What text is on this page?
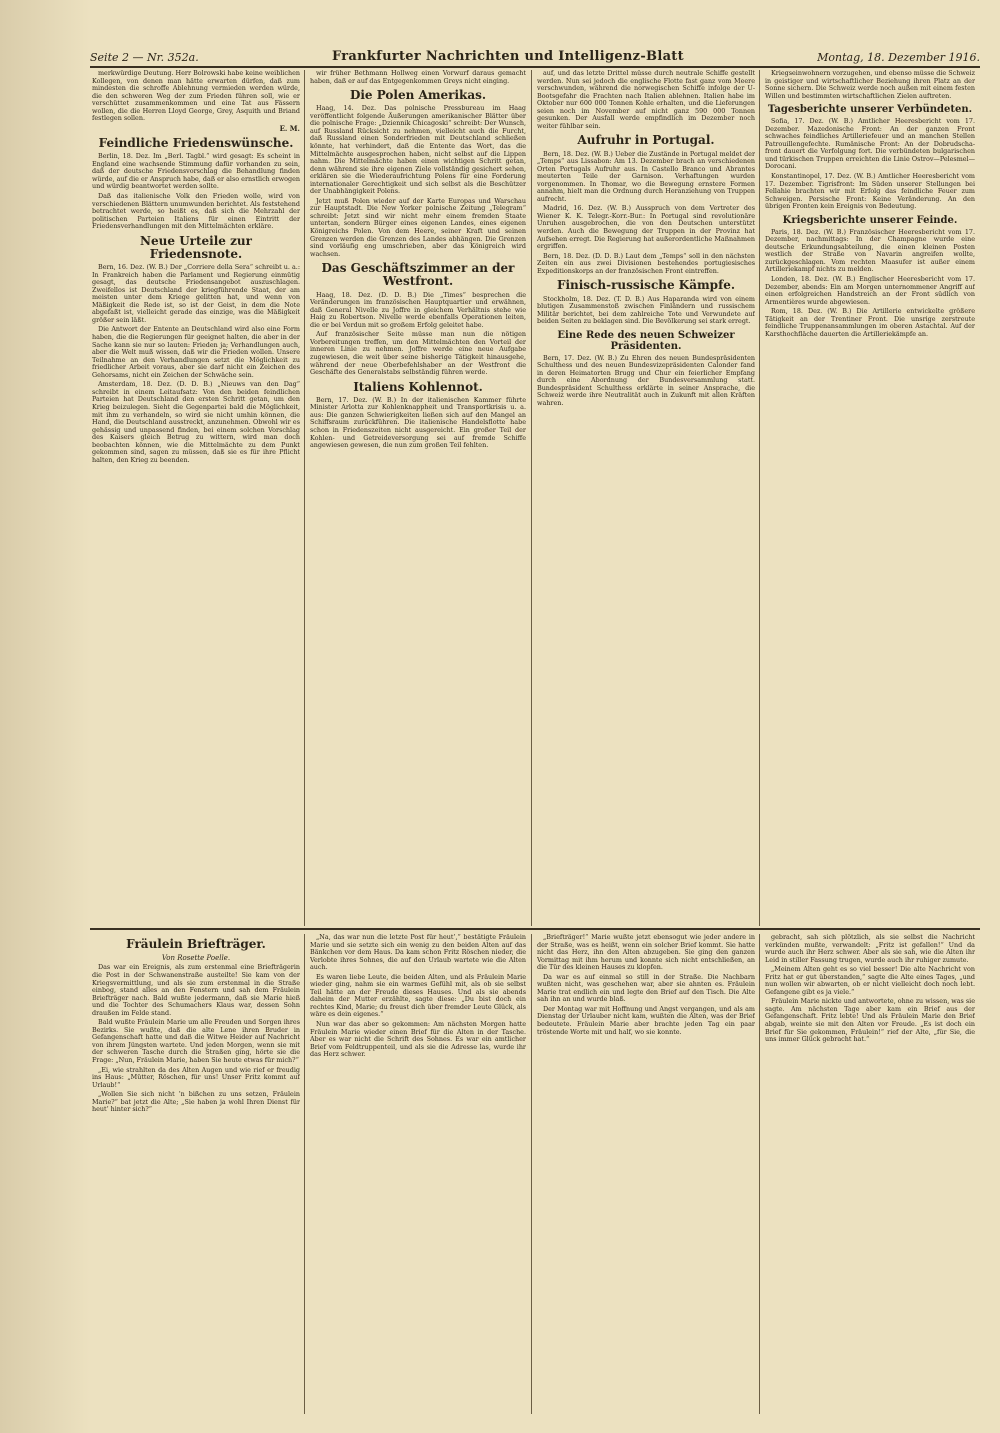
Seite 2 — Nr. 352a.	Frankfurter Nachrichten und Intelligenz-Blatt	Montag, 18. Dezember 1916.

merkwürdige Deutung. Herr Bolrowski habe keine weiblichen Kollegen, von denen man hätte erwarten dürfen, daß zum mindesten die schroffe Ablehnung vermieden werden würde, die den schweren Weg der zum Frieden führen soll, wie er verschüttet zusammenkommen und eine Tat aus Fässern wollen, die die Herren Lloyd George, Grey, Asquith und Briand festlegen sollen.

E. M.
Feindliche Friedenswünsche.

Berlin, 18. Dez. Im „Berl. Tagbl.“ wird gesagt: Es scheint in England eine wachsende Stimmung dafür vorhanden zu sein, daß der deutsche Friedensvorschlag die Behandlung finden würde, auf die er Anspruch habe, daß er also ernstlich erwogen und würdig beantwortet werden sollte.

Daß das italienische Volk den Frieden wolle, wird von verschiedenen Blättern unumwunden berichtet. Als feststehend betrachtet werde, so heißt es, daß sich die Mehrzahl der politischen Parteien Italiens für einen Eintritt der Friedensverhandlungen mit den Mittelmächten erkläre.

Neue Urteile zur Friedensnote.

Bern, 16. Dez. (W. B.) Der „Corriere della Sera“ schreibt u. a.: In Frankreich haben die Parlament und Regierung einmütig gesagt, das deutsche Friedensangebot auszuschlagen. Zweifellos ist Deutschland der kriegführende Staat, der am meisten unter dem Kriege gelitten hat, und wenn von Mäßigkeit die Rede ist, so ist der Geist, in dem die Note abgefaßt ist, vielleicht gerade das einzige, was die Mäßigkeit größer sein läßt.

Die Antwort der Entente an Deutschland wird also eine Form haben, die die Regierungen für geeignet halten, die aber in der Sache kann sie nur so lauten: Frieden ja; Verhandlungen auch, aber die Welt muß wissen, daß wir die Frieden wollen. Unsere Teilnahme an den Verhandlungen setzt die Möglichkeit zu friedlicher Arbeit voraus, aber sie darf nicht ein Zeichen des Gehorsams, nicht ein Zeichen der Schwäche sein.

Amsterdam, 18. Dez. (D. D. B.) „Nieuws van den Dag“ schreibt in einem Leitaufsatz: Von den beiden feindlichen Parteien hat Deutschland den ersten Schritt getan, um den Krieg beizulegen. Sieht die Gegenpartei bald die Möglichkeit, mit ihm zu verhandeln, so wird sie nicht umhin können, die Hand, die Deutschland ausstreckt, anzunehmen. Obwohl wir es gehässig und unpassend finden, bei einem solchen Vorschlag des Kaisers gleich Betrug zu wittern, wird man doch beobachten können, wie die Mittelmächte zu dem Punkt gekommen sind, sagen zu müssen, daß sie es für ihre Pflicht halten, den Krieg zu beenden.

wir früher Bethmann Hollweg einen Vorwurf daraus gemacht haben, daß er auf das Entgegenkommen Greys nicht einging.

Die Polen Amerikas.

Haag, 14. Dez. Das polnische Pressbureau im Haag veröffentlicht folgende Äußerungen amerikanischer Blätter über die polnische Frage: „Dziennik Chicagoski“ schreibt: Der Wunsch, auf Russland Rücksicht zu nehmen, vielleicht auch die Furcht, daß Russland einen Sonderfrieden mit Deutschland schließen könnte, hat verhindert, daß die Entente das Wort, das die Mittelmächte ausgesprochen haben, nicht selbst auf die Lippen nahm. Die Mittelmächte haben einen wichtigen Schritt getan, denn während sie ihre eigenen Ziele vollständig gesichert sehen, erklären sie die Wiederaufrichtung Polens für eine Forderung internationaler Gerechtigkeit und sich selbst als die Beschützer der Unabhängigkeit Polens.

Jetzt muß Polen wieder auf der Karte Europas und Warschau zur Hauptstadt. Die New Yorker polnische Zeitung „Telegram“ schreibt: Jetzt sind wir nicht mehr einem fremden Staate untertan, sondern Bürger eines eigenen Landes, eines eigenen Königreichs Polen. Von dem Heere, seiner Kraft und seinen Grenzen werden die Grenzen des Landes abhängen. Die Grenzen sind vorläufig eng umschrieben, aber das Königreich wird wachsen.

Das Geschäftszimmer an der Westfront.

Haag, 18. Dez. (D. D. B.) Die „Times“ besprechen die Veränderungen im französischen Hauptquartier und erwähnen, daß General Nivelle zu Joffre in gleichem Verhältnis stehe wie Haig zu Robertson. Nivelle werde ebenfalls Operationen leiten, die er bei Verdun mit so großem Erfolg geleitet habe.

Auf französischer Seite müsse man nun die nötigen Vorbereitungen treffen, um den Mittelmächten den Vorteil der inneren Linie zu nehmen. Joffre werde eine neue Aufgabe zugewiesen, die weit über seine bisherige Tätigkeit hinausgehe, während der neue Oberbefehlshaber an der Westfront die Geschäfte des Generalstabs selbständig führen werde.

Italiens Kohlennot.

Bern, 17. Dez. (W. B.) In der italienischen Kammer führte Minister Arlotta zur Kohlenknappheit und Transportkrisis u. a. aus: Die ganzen Schwierigkeiten ließen sich auf den Mangel an Schiffsraum zurückführen. Die italienische Handelsflotte habe schon in Friedenszeiten nicht ausgereicht. Ein großer Teil der Kohlen- und Getreideversorgung sei auf fremde Schiffe angewiesen gewesen, die nun zum großen Teil fehlten.

auf, und das letzte Drittel müsse durch neutrale Schiffe gestellt werden. Nun sei jedoch die englische Flotte fast ganz vom Meere verschwunden, während die norwegischen Schiffe infolge der U-Bootsgefahr die Frachten nach Italien ablehnen. Italien habe im Oktober nur 600 000 Tonnen Kohle erhalten, und die Lieferungen seien noch im November auf nicht ganz 590 000 Tonnen gesunken. Der Ausfall werde empfindlich im Dezember noch weiter fühlbar sein.

Aufruhr in Portugal.

Bern, 18. Dez. (W. B.) Ueber die Zustände in Portugal meldet der „Temps“ aus Lissabon: Am 13. Dezember brach an verschiedenen Orten Portugals Aufruhr aus. In Castello Branco und Abrantes meuterten Teile der Garnison. Verhaftungen wurden vorgenommen. In Thomar, wo die Bewegung ernstere Formen annahm, hielt man die Ordnung durch Heranziehung von Truppen aufrecht.

Madrid, 16. Dez. (W. B.) Ausspruch von dem Vertreter des Wiener K. K. Telegr.-Korr.-Bur.: In Portugal sind revolutionäre Unruhen ausgebrochen, die von den Deutschen unterstützt werden. Auch die Bewegung der Truppen in der Provinz hat Aufsehen erregt. Die Regierung hat außerordentliche Maßnahmen ergriffen.

Bern, 18. Dez. (D. D. B.) Laut dem „Temps“ soll in den nächsten Zeiten ein aus zwei Divisionen bestehendes portugiesisches Expeditionskorps an der französischen Front eintreffen.

Finisch-russische Kämpfe.

Stockholm, 18. Dez. (T. D. B.) Aus Haparanda wird von einem blutigen Zusammenstoß zwischen Finländern und russischem Militär berichtet, bei dem zahlreiche Tote und Verwundete auf beiden Seiten zu beklagen sind. Die Bevölkerung sei stark erregt.

Eine Rede des neuen Schweizer Präsidenten.

Bern, 17. Dez. (W. B.) Zu Ehren des neuen Bundespräsidenten Schulthess und des neuen Bundesvizepräsidenten Calonder fand in deren Heimatorten Brugg und Chur ein feierlicher Empfang durch eine Abordnung der Bundesversammlung statt. Bundespräsident Schulthess erklärte in seiner Ansprache, die Schweiz werde ihre Neutralität auch in Zukunft mit allen Kräften wahren.

Kriegseinwohnern vorzugehen, und ebenso müsse die Schweiz in geistiger und wirtschaftlicher Beziehung ihren Platz an der Sonne sichern. Die Schweiz werde noch außen mit einem festen Willen und bestimmten wirtschaftlichen Zielen auftreten.

Tagesberichte unserer Verbündeten.

Sofia, 17. Dez. (W. B.) Amtlicher Heeresbericht vom 17. Dezember. Mazedonische Front: An der ganzen Front schwaches feindliches Artilleriefeuer und an manchen Stellen Patrouillengefechte. Rumänische Front: An der Dobrudscha-front dauert die Verfolgung fort. Die verbündeten bulgarischen und türkischen Truppen erreichten die Linie Ostrov—Pelesmel—Dorocani.

Konstantinopel, 17. Dez. (W. B.) Amtlicher Heeresbericht vom 17. Dezember. Tigrisfront: Im Süden unserer Stellungen bei Fellahie brachten wir mit Erfolg das feindliche Feuer zum Schweigen. Persische Front: Keine Veränderung. An den übrigen Fronten kein Ereignis von Bedeutung.

Kriegsberichte unserer Feinde.

Paris, 18. Dez. (W. B.) Französischer Heeresbericht vom 17. Dezember, nachmittags: In der Champagne wurde eine deutsche Erkundungsabteilung, die einen kleinen Posten westlich der Straße von Navarin angreifen wollte, zurückgeschlagen. Vom rechten Maasufer ist außer einem Artilleriekampf nichts zu melden.

Londen, 18. Dez. (W. B.) Englischer Heeresbericht vom 17. Dezember, abends: Ein am Morgen unternommener Angriff auf einen erfolgreichen Handstreich an der Front südlich von Armentières wurde abgewiesen.

Rom, 18. Dez. (W. B.) Die Artillerie entwickelte größere Tätigkeit an der Trentiner Front. Die unsrige zerstreute feindliche Truppenansammlungen im oberen Astachtal. Auf der Karsthochfläche dauerten die Artilleriekämpfe an.

Fräulein Briefträger.
Von Rosette Poelle.

Das war ein Ereignis, als zum erstenmal eine Briefträgerin die Post in der Schwanenstraße austeilte! Sie kam von der Kriegsvermittlung, und als sie zum erstenmal in die Straße einbog, stand alles an den Fenstern und sah dem Fräulein Briefträger nach. Bald wußte jedermann, daß sie Marie hieß und die Tochter des Schumachers Klaus war, dessen Sohn draußen im Felde stand.

Bald wußte Fräulein Marie um alle Freuden und Sorgen ihres Bezirks. Sie wußte, daß die alte Lene ihren Bruder in Gefangenschaft hatte und daß die Witwe Heider auf Nachricht von ihrem Jüngsten wartete. Und jeden Morgen, wenn sie mit der schweren Tasche durch die Straßen ging, hörte sie die Frage: „Nun, Fräulein Marie, haben Sie heute etwas für mich?“

„Ei, wie strahlten da des Alten Augen und wie rief er freudig ins Haus: „Mütter, Röschen, für uns! Unser Fritz kommt auf Urlaub!“

„Wollen Sie sich nicht ’n bißchen zu uns setzen, Fräulein Marie?“ bat jetzt die Alte; „Sie haben ja wohl Ihren Dienst für heut’ hinter sich?“

„Na, das war nun die letzte Post für heut’,“ bestätigte Fräulein Marie und sie setzte sich ein wenig zu den beiden Alten auf das Bänkchen vor dem Haus. Da kam schon Fritz Röschen nieder, die Verlobte ihres Sohnes, die auf den Urlaub wartete wie die Alten auch.

Es waren liebe Leute, die beiden Alten, und als Fräulein Marie wieder ging, nahm sie ein warmes Gefühl mit, als ob sie selbst Teil hätte an der Freude dieses Hauses. Und als sie abends daheim der Mutter erzählte, sagte diese: „Du bist doch ein rechtes Kind, Marie; du freust dich über fremder Leute Glück, als wäre es dein eigenes.“

Nun war das aber so gekommen: Am nächsten Morgen hatte Fräulein Marie wieder einen Brief für die Alten in der Tasche. Aber es war nicht die Schrift des Sohnes. Es war ein amtlicher Brief vom Feldtruppenteil, und als sie die Adresse las, wurde ihr das Herz schwer.

„Briefträger!“ Marie wußte jetzt ebensogut wie jeder andere in der Straße, was es heißt, wenn ein solcher Brief kommt. Sie hatte nicht das Herz, ihn den Alten abzugeben. Sie ging den ganzen Vormittag mit ihm herum und konnte sich nicht entschließen, an die Tür des kleinen Hauses zu klopfen.

Da war es auf einmal so still in der Straße. Die Nachbarn wußten nicht, was geschehen war, aber sie ahnten es. Fräulein Marie trat endlich ein und legte den Brief auf den Tisch. Die Alte sah ihn an und wurde blaß.

Der Montag war mit Hoffnung und Angst vergangen, und als am Dienstag der Urlauber nicht kam, wußten die Alten, was der Brief bedeutete. Fräulein Marie aber brachte jeden Tag ein paar tröstende Worte mit und half, wo sie konnte.

gebracht, sah sich plötzlich, als sie selbst die Nachricht verkünden mußte, verwandelt: „Fritz ist gefallen!“ Und da wurde auch ihr Herz schwer. Aber als sie sah, wie die Alten ihr Leid in stiller Fassung trugen, wurde auch ihr ruhiger zumute.

„Meinem Alten geht es so viel besser! Die alte Nachricht von Fritz hat er gut überstanden,“ sagte die Alte eines Tages, „und nun wollen wir abwarten, ob er nicht vielleicht doch noch lebt. Gefangene gibt es ja viele.“

Fräulein Marie nickte und antwortete, ohne zu wissen, was sie sagte. Am nächsten Tage aber kam ein Brief aus der Gefangenschaft. Fritz lebte! Und als Fräulein Marie den Brief abgab, weinte sie mit den Alten vor Freude. „Es ist doch ein Brief für Sie gekommen, Fräulein!“ rief der Alte, „für Sie, die uns immer Glück gebracht hat.“
